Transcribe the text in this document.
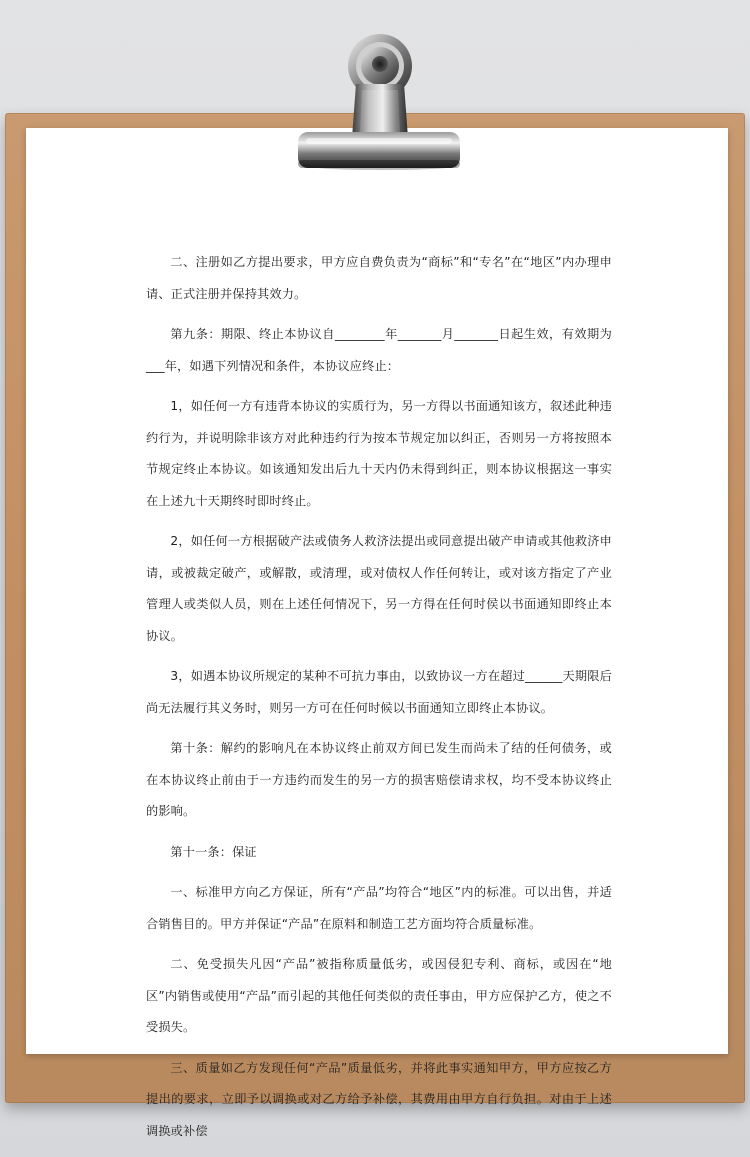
二、注册如乙方提出要求，甲方应自费负责为“商标”和“专名”在“地区”内办理申请、正式注册并保持其效力。

第九条：期限、终止本协议自________年_______月_______日起生效，有效期为___年，如遇下列情况和条件，本协议应终止：

1，如任何一方有违背本协议的实质行为，另一方得以书面通知该方，叙述此种违约行为，并说明除非该方对此种违约行为按本节规定加以纠正，否则另一方将按照本节规定终止本协议。如该通知发出后九十天内仍未得到纠正，则本协议根据这一事实在上述九十天期终时即时终止。

2，如任何一方根据破产法或债务人救济法提出或同意提出破产申请或其他救济申请，或被裁定破产，或解散，或清理，或对债权人作任何转让，或对该方指定了产业管理人或类似人员，则在上述任何情况下，另一方得在任何时侯以书面通知即终止本协议。

3，如遇本协议所规定的某种不可抗力事由，以致协议一方在超过______天期限后尚无法履行其义务时，则另一方可在任何时候以书面通知立即终止本协议。

第十条：解约的影响凡在本协议终止前双方间已发生而尚未了结的任何债务，或在本协议终止前由于一方违约而发生的另一方的损害赔偿请求权，均不受本协议终止的影响。

第十一条：保证

一、标准甲方向乙方保证，所有“产品”均符合“地区”内的标准。可以出售，并适合销售目的。甲方并保证“产品”在原料和制造工艺方面均符合质量标准。

二、免受损失凡因“产品”被指称质量低劣，或因侵犯专利、商标，或因在“地区”内销售或使用“产品”而引起的其他任何类似的责任事由，甲方应保护乙方，使之不受损失。

三、质量如乙方发现任何“产品”质量低劣，并将此事实通知甲方，甲方应按乙方提出的要求，立即予以调换或对乙方给予补偿，其费用由甲方自行负担。对由于上述调换或补偿
